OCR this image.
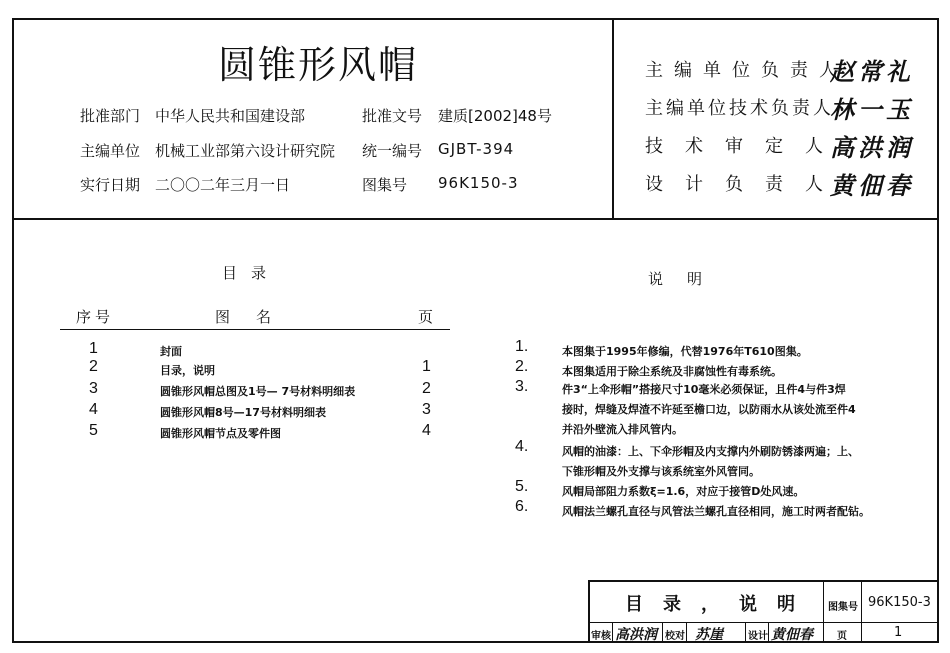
圆锥形风帽
批准部门 中华人民共和国建设部
主编单位 机械工业部第六设计研究院
实行日期 二〇〇二年三月一日
批准文号 建质[2002]48号
统一编号 GJBT-394
图集号 96K150-3
主编单位负责人
赵常礼
主编单位技术负责人
林一玉
技术审定人
高洪润
设计负责人
黄佃春
目录
序号	图名	页
1	封面
2	目录，说明	1
3	圆锥形风帽总图及1号— 7号材料明细表	2
4	圆锥形风帽8号—17号材料明细表	3
5	圆锥形风帽节点及零件图	4
说明
1.	本图集于1995年修编，代替1976年T610图集。
2.	本图集适用于除尘系统及非腐蚀性有毒系统。
3.	件3“上伞形帽”搭接尺寸10毫米必须保证，且件4与件3焊
接时，焊缝及焊渣不许延至檐口边，以防雨水从该处流至件4
并沿外壁流入排风管内。
4.	风帽的油漆：上、下伞形帽及内支撑内外刷防锈漆两遍；上、
下锥形帽及外支撑与该系统室外风管同。
5.	风帽局部阻力系数ξ=1.6，对应于接管D处风速。
6.	风帽法兰螺孔直径与风管法兰螺孔直径相同，施工时两者配钻。
目录，说明 图集号 96K150-3
审核 高洪润 校对 苏崖	设计 黄佃春 页	1
